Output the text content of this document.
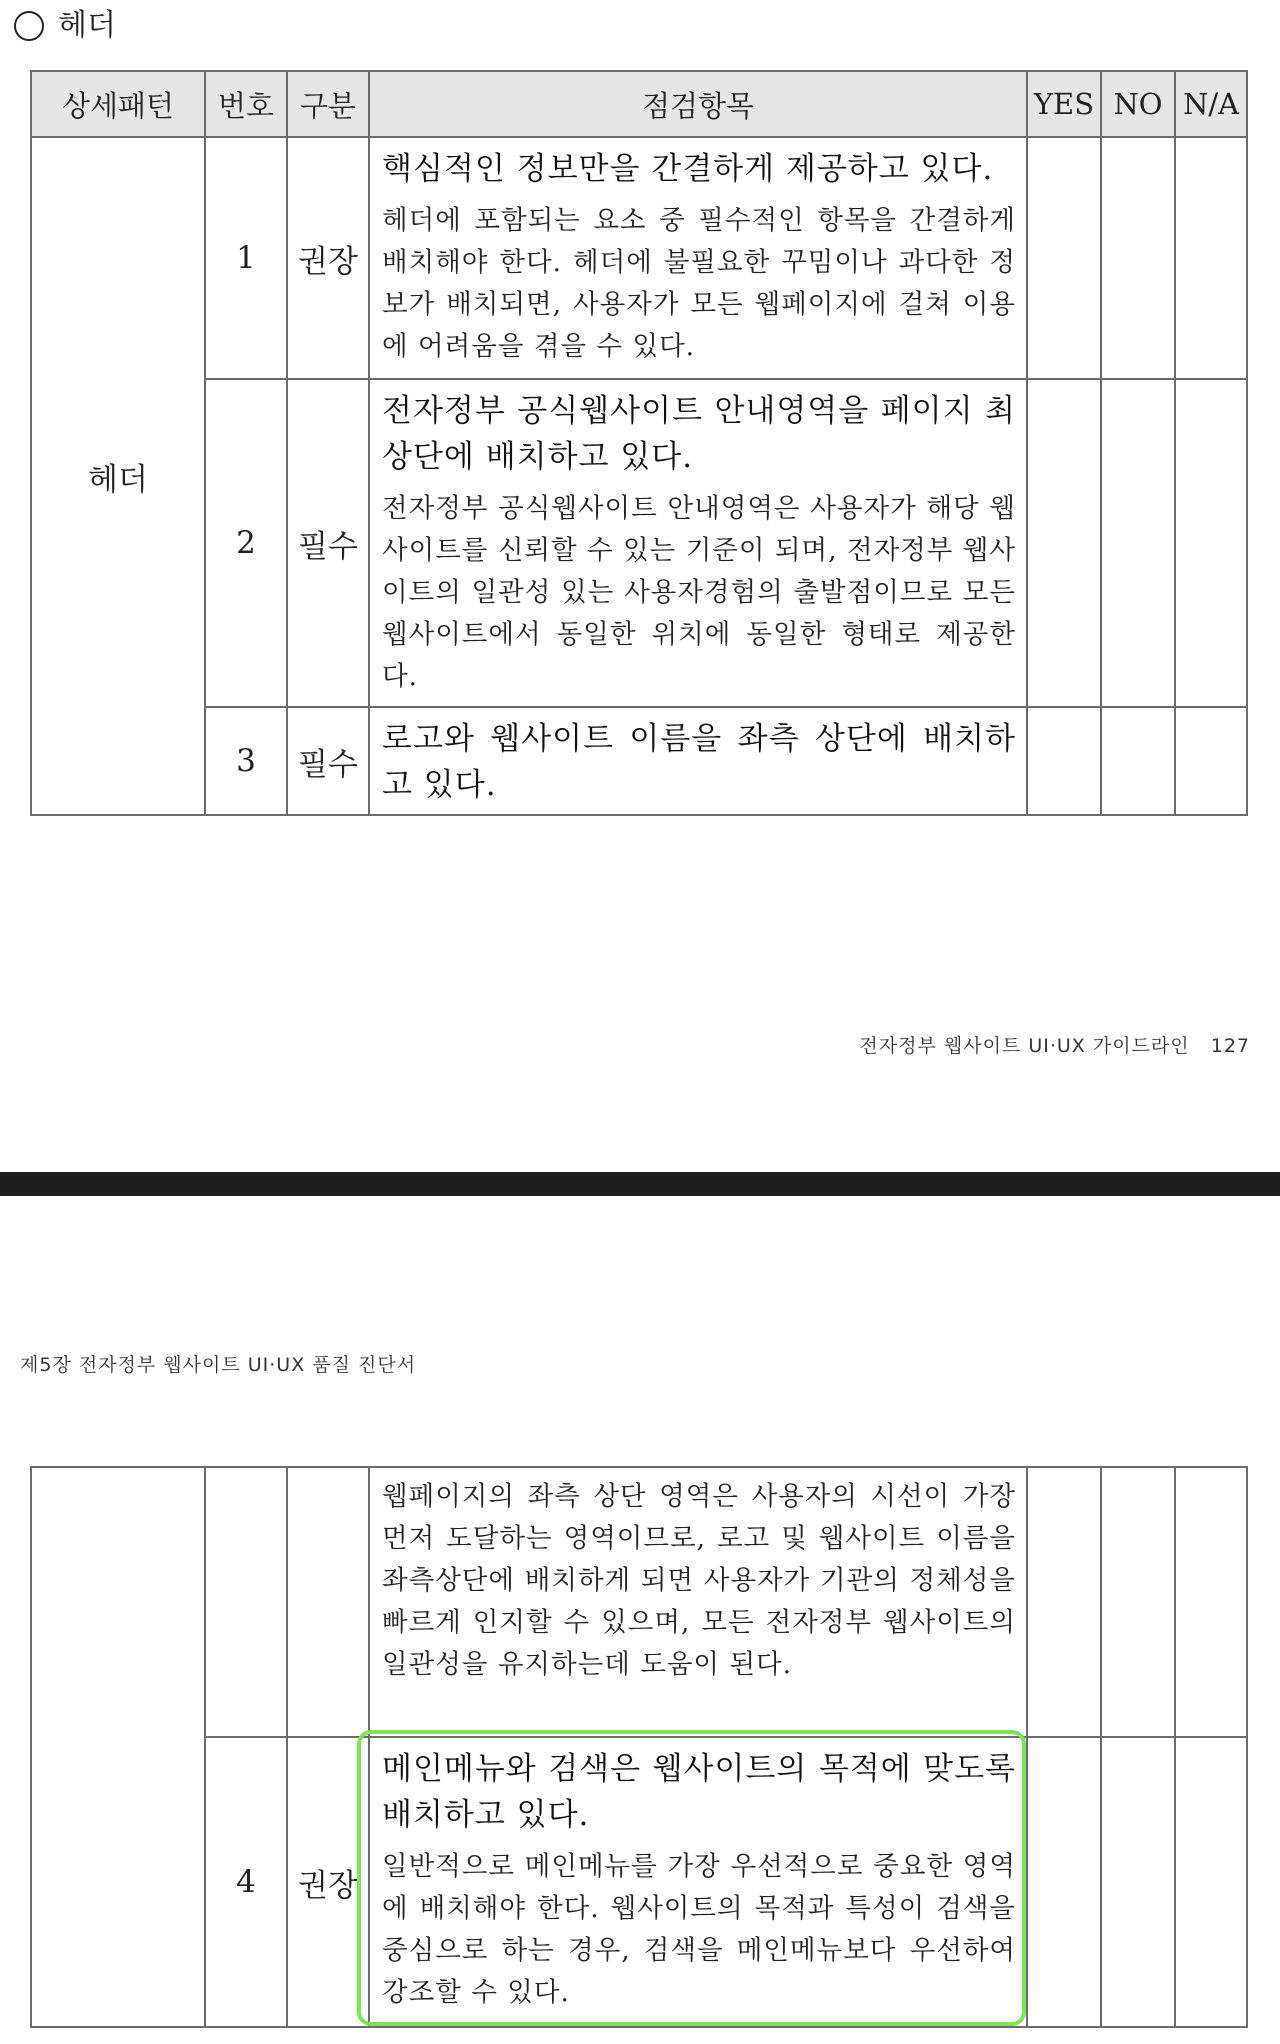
헤더
상세패턴	번호	구분	점검항목	YES	NO	N/A
헤더	1	권장	핵심적인 정보만을 간결하게 제공하고 있다.
헤더에 포함되는 요소 중 필수적인 항목을 간결하게 배치해야 한다. 헤더에 불필요한 꾸밈이나 과다한 정보가 배치되면, 사용자가 모든 웹페이지에 걸쳐 이용에 어려움을 겪을 수 있다.			

	2	필수	전자정부 공식웹사이트 안내영역을 페이지 최상단에 배치하고 있다.
전자정부 공식웹사이트 안내영역은 사용자가 해당 웹사이트를 신뢰할 수 있는 기준이 되며, 전자정부 웹사이트의 일관성 있는 사용자경험의 출발점이므로 모든 웹사이트에서 동일한 위치에 동일한 형태로 제공한다.			

	3	필수	로고와 웹사이트 이름을 좌측 상단에 배치하고 있다.			

전자정부 웹사이트 UI·UX 가이드라인   127
제5장 전자정부 웹사이트 UI·UX 품질 진단서

			웹페이지의 좌측 상단 영역은 사용자의 시선이 가장 먼저 도달하는 영역이므로, 로고 및 웹사이트 이름을 좌측상단에 배치하게 되면 사용자가 기관의 정체성을 빠르게 인지할 수 있으며, 모든 전자정부 웹사이트의 일관성을 유지하는데 도움이 된다.			

	4	권장	메인메뉴와 검색은 웹사이트의 목적에 맞도록 배치하고 있다.
일반적으로 메인메뉴를 가장 우선적으로 중요한 영역에 배치해야 한다. 웹사이트의 목적과 특성이 검색을 중심으로 하는 경우, 검색을 메인메뉴보다 우선하여 강조할 수 있다.			
